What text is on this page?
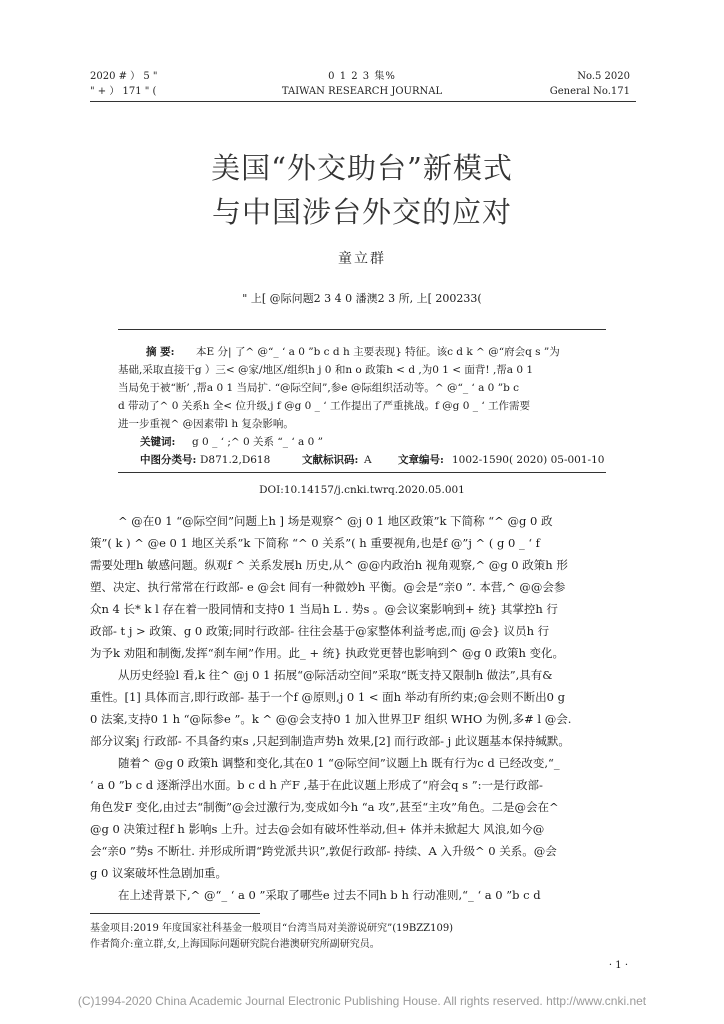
2020 # ） 5 "
" + ） 171 " (
0 1 2 3 集%
TAIWAN RESEARCH JOURNAL
No.5 2020
General No.171
美国“外交助台”新模式
与中国涉台外交的应对
童立群
" 上[ @际问题2 3 4 0 潘澳2 3 所, 上[ 200233(
摘 要: 本E 分| 了^ @“_ ‘ a 0 ”b c d h 主要表现} 特征。该c d k ^ @“府会q s ”为
基础,采取直接干g ）三< @家/地区/组织h j 0 和n o 政策h < d ,为0 1 < 面背! ,帮a 0 1
当局免于被“断’ ,帮a 0 1 当局扩. “@际空间”,参e @际组织活动等。^ @“_ ‘ a 0 ”b c
d 带动了^ 0 关系h 全< 位升级,j f @g 0 _ ‘ 工作提出了严重挑战。f @g 0 _ ‘ 工作需要
进一步重视^ @因素带l h 复杂影响。
关键词: g 0 _ ‘ ;^ 0 关系 “_ ‘ a 0 ”
中图分类号: D871.2,D618	文献标识码: A	文章编号: 1002-1590( 2020) 05-001-10
DOI:10.14157/j.cnki.twrq.2020.05.001
^ @在0 1 “@际空间”问题上h ] 场是观察^ @j 0 1 地区政策”k 下简称 “^ @g 0 政
策”( k ) ^ @e 0 1 地区关系”k 下简称 “^ 0 关系”( h 重要视角,也是f @”j ^ ( g 0 _ ‘ f
需要处理h 敏感问题。纵观f ^ 关系发展h 历史,从^ @@内政治h 视角观察,^ @g 0 政策h 形
塑、决定、执行常常在行政部- e @会t 间有一种微妙h 平衡。@会是“亲0 ”. 本营,^ @@会参
众n 4 长* k l 存在着一股同情和支持0 1 当局h L . 势s 。@会议案影响到+ 统} 其掌控h 行
政部- t j > 政策、g 0 政策;同时行政部- 往往会基于@家整体利益考虑,而j @会} 议员h 行
为予k 劝阻和制衡,发挥“刹车闸”作用。此_ + 统} 执政党更替也影响到^ @g 0 政策h 变化。
从历史经验l 看,k 往^ @j 0 1 拓展“@际活动空间”采取“既支持又限制h 做法”,具有&
重性。[1] 具体而言,即行政部- 基于一个f @原则,j 0 1 < 面h 举动有所约束;@会则不断出0 g
0 法案,支持0 1 h “@际参e ”。k ^ @@会支持0 1 加入世界卫F 组织 WHO 为例,多# l @会.
部分议案j 行政部- 不具备约束s ,只起到制造声势h 效果,[2] 而行政部- j 此议题基本保持缄默。
随着^ @g 0 政策h 调整和变化,其在0 1 “@际空间”议题上h 既有行为c d 已经改变,“_
‘ a 0 ”b c d 逐渐浮出水面。b c d h 产F ,基于在此议题上形成了“府会q s ”:一是行政部-
角色发F 变化,由过去“制衡”@会过激行为,变成如今h “a 攻”,甚至“主攻”角色。二是@会在^
@g 0 决策过程f h 影响s 上升。过去@会如有破坏性举动,但+ 体并未掀起大 风浪,如今@
会“亲0 ”势s 不断壮. 并形成所谓“跨党派共识”,敦促行政部- 持续、A 入升级^ 0 关系。@会
g 0 议案破坏性急剧加重。
在上述背景下,^ @“_ ‘ a 0 ”采取了哪些e 过去不同h b h 行动准则,“_ ‘ a 0 ”b c d
基金项目:2019 年度国家社科基金一般项目“台湾当局对美游说研究”(19BZZ109)
作者简介:童立群,女,上海国际问题研究院台港澳研究所副研究员。
· 1 ·
(C)1994-2020 China Academic Journal Electronic Publishing House. All rights reserved. http://www.cnki.net
